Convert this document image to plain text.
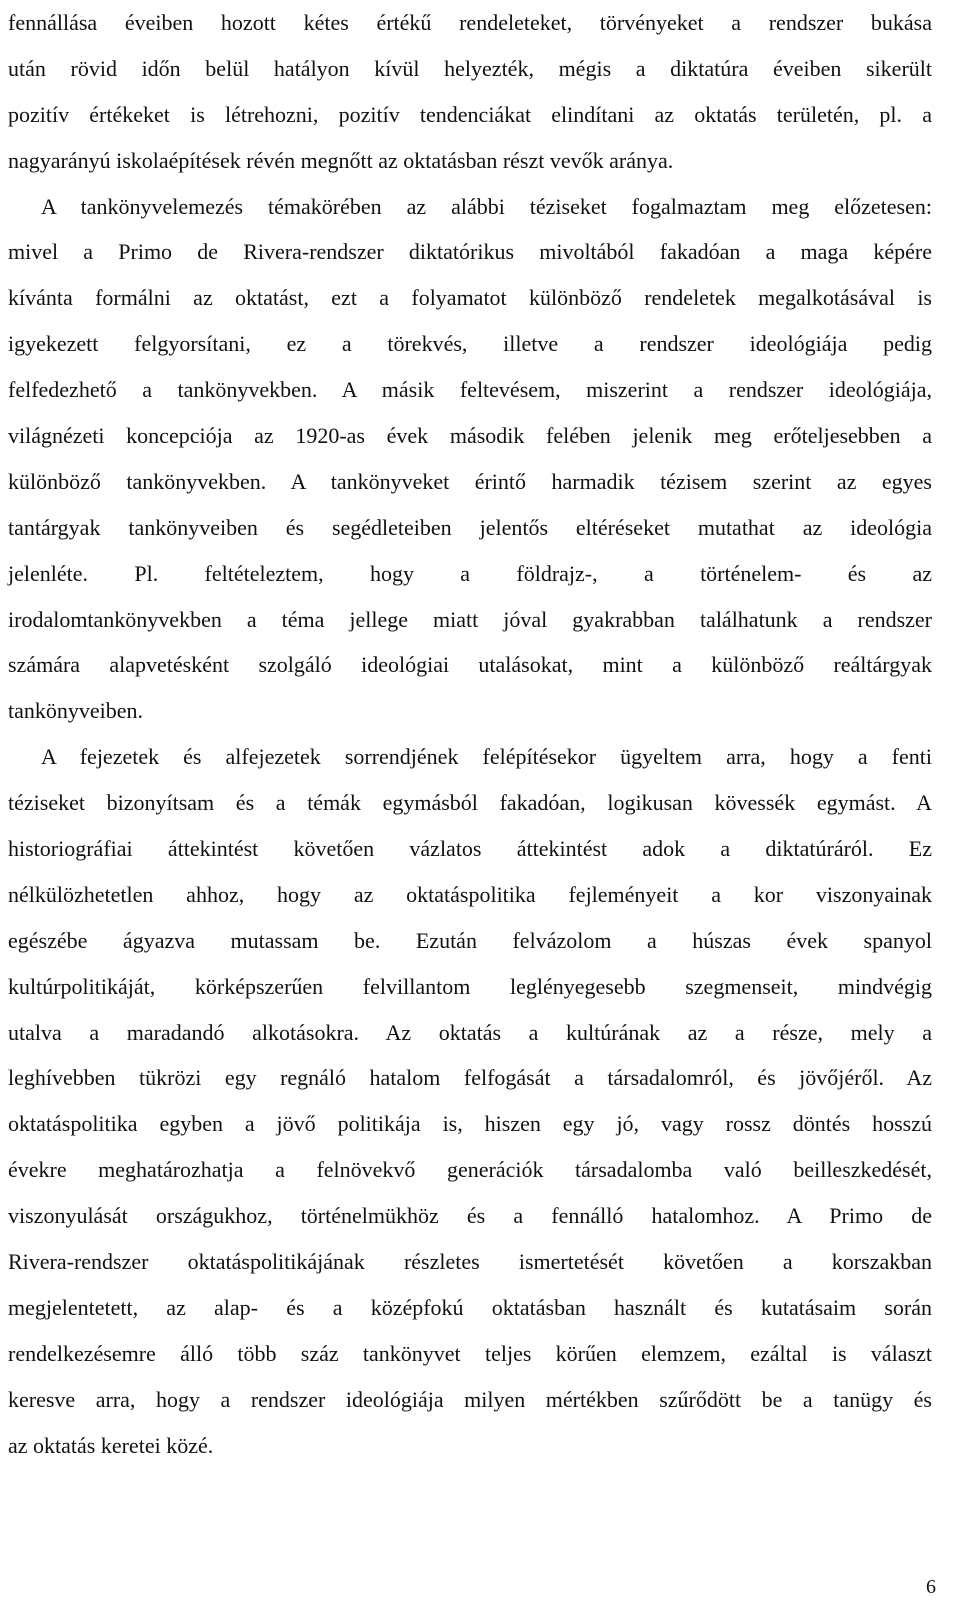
fennállása éveiben hozott kétes értékű rendeleteket, törvényeket a rendszer bukása
után rövid időn belül hatályon kívül helyezték, mégis a diktatúra éveiben sikerült
pozitív értékeket is létrehozni, pozitív tendenciákat elindítani az oktatás területén, pl. a
nagyarányú iskolaépítések révén megnőtt az oktatásban részt vevők aránya.
A tankönyvelemezés témakörében az alábbi téziseket fogalmaztam meg előzetesen:
mivel a Primo de Rivera-rendszer diktatórikus mivoltából fakadóan a maga képére
kívánta formálni az oktatást, ezt a folyamatot különböző rendeletek megalkotásával is
igyekezett felgyorsítani, ez a törekvés, illetve a rendszer ideológiája pedig
felfedezhető a tankönyvekben. A másik feltevésem, miszerint a rendszer ideológiája,
világnézeti koncepciója az 1920-as évek második felében jelenik meg erőteljesebben a
különböző tankönyvekben. A tankönyveket érintő harmadik tézisem szerint az egyes
tantárgyak tankönyveiben és segédleteiben jelentős eltéréseket mutathat az ideológia
jelenléte. Pl. feltételeztem, hogy a földrajz-, a történelem- és az
irodalomtankönyvekben a téma jellege miatt jóval gyakrabban találhatunk a rendszer
számára alapvetésként szolgáló ideológiai utalásokat, mint a különböző reáltárgyak
tankönyveiben.
A fejezetek és alfejezetek sorrendjének felépítésekor ügyeltem arra, hogy a fenti
téziseket bizonyítsam és a témák egymásból fakadóan, logikusan kövessék egymást. A
historiográfiai áttekintést követően vázlatos áttekintést adok a diktatúráról. Ez
nélkülözhetetlen ahhoz, hogy az oktatáspolitika fejleményeit a kor viszonyainak
egészébe ágyazva mutassam be. Ezután felvázolom a húszas évek spanyol
kultúrpolitikáját, körképszerűen felvillantom leglényegesebb szegmenseit, mindvégig
utalva a maradandó alkotásokra. Az oktatás a kultúrának az a része, mely a
leghívebben tükrözi egy regnáló hatalom felfogását a társadalomról, és jövőjéről. Az
oktatáspolitika egyben a jövő politikája is, hiszen egy jó, vagy rossz döntés hosszú
évekre meghatározhatja a felnövekvő generációk társadalomba való beilleszkedését,
viszonyulását országukhoz, történelmükhöz és a fennálló hatalomhoz. A Primo de
Rivera-rendszer oktatáspolitikájának részletes ismertetését követően a korszakban
megjelentetett, az alap- és a középfokú oktatásban használt és kutatásaim során
rendelkezésemre álló több száz tankönyvet teljes körűen elemzem, ezáltal is választ
keresve arra, hogy a rendszer ideológiája milyen mértékben szűrődött be a tanügy és
az oktatás keretei közé.
6
